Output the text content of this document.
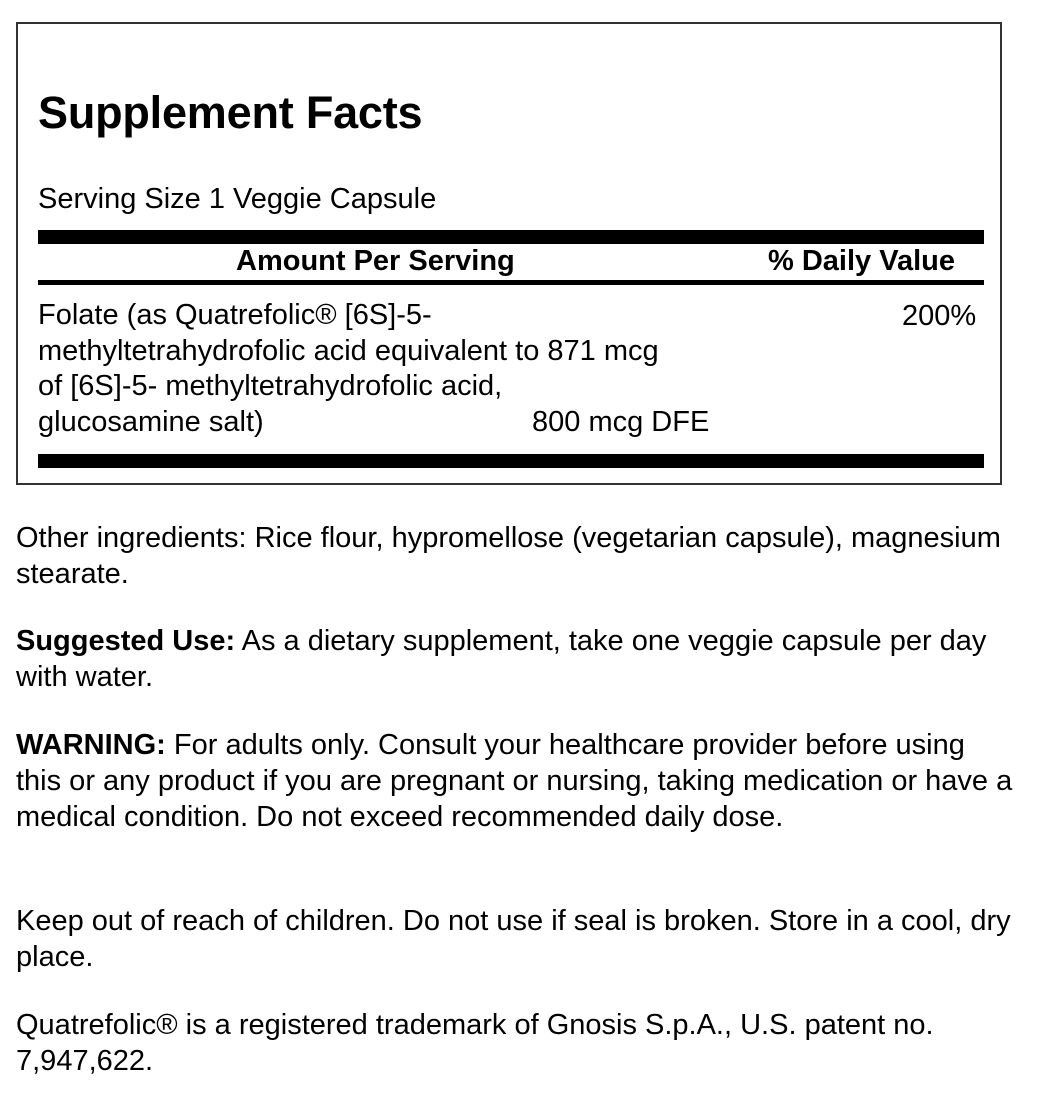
Supplement Facts
Serving Size 1 Veggie Capsule
Amount Per Serving	% Daily Value
Folate (as Quatrefolic® [6S]-5-
methyltetrahydrofolic acid equivalent to 871 mcg
of [6S]-5- methyltetrahydrofolic acid,
glucosamine salt)	800 mcg DFE
200%

Other ingredients: Rice flour, hypromellose (vegetarian capsule), magnesium stearate.

Suggested Use: As a dietary supplement, take one veggie capsule per day with water.

WARNING: For adults only. Consult your healthcare provider before using this or any product if you are pregnant or nursing, taking medication or have a medical condition. Do not exceed recommended daily dose.

Keep out of reach of children. Do not use if seal is broken. Store in a cool, dry place.

Quatrefolic® is a registered trademark of Gnosis S.p.A., U.S. patent no. 7,947,622.
